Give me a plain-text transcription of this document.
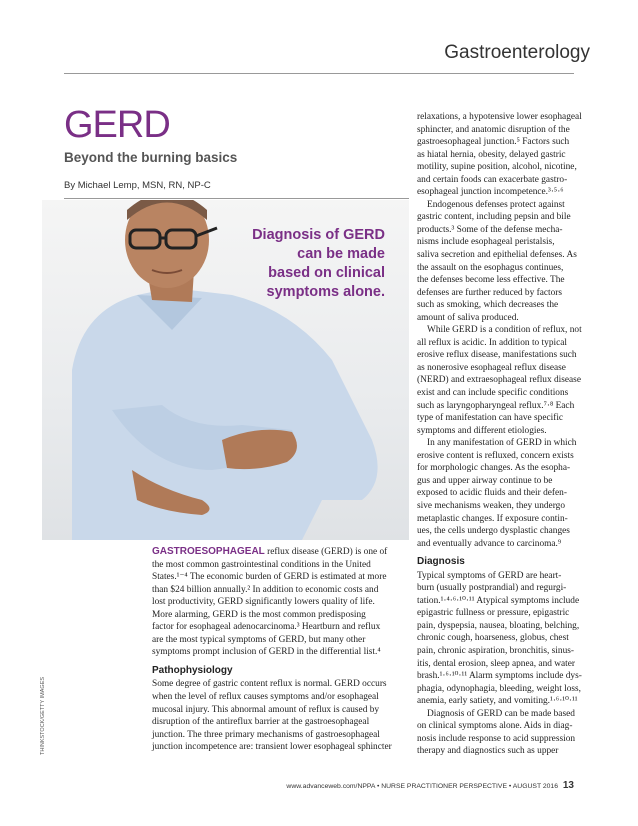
Gastroenterology
GERD
Beyond the burning basics
By Michael Lemp, MSN, RN, NP-C
Diagnosis of GERD
can be made
based on clinical
symptoms alone.
THINKSTOCK/GETTY IMAGES
GASTROESOPHAGEAL reflux disease (GERD) is one of
the most common gastrointestinal conditions in the United
States.¹⁻⁴ The economic burden of GERD is estimated at more
than $24 billion annually.² In addition to economic costs and
lost productivity, GERD significantly lowers quality of life.
More alarming, GERD is the most common predisposing
factor for esophageal adenocarcinoma.³ Heartburn and reflux
are the most typical symptoms of GERD, but many other
symptoms prompt inclusion of GERD in the differential list.⁴
Pathophysiology
Some degree of gastric content reflux is normal. GERD occurs
when the level of reflux causes symptoms and/or esophageal
mucosal injury. This abnormal amount of reflux is caused by
disruption of the antireflux barrier at the gastroesophageal
junction. The three primary mechanisms of gastroesophageal
junction incompetence are: transient lower esophageal sphincter
relaxations, a hypotensive lower esophageal
sphincter, and anatomic disruption of the
gastroesophageal junction.⁵ Factors such
as hiatal hernia, obesity, delayed gastric
motility, supine position, alcohol, nicotine,
and certain foods can exacerbate gastro-
esophageal junction incompetence.³·⁵·⁶
Endogenous defenses protect against
gastric content, including pepsin and bile
products.³ Some of the defense mecha-
nisms include esophageal peristalsis,
saliva secretion and epithelial defenses. As
the assault on the esophagus continues,
the defenses become less effective. The
defenses are further reduced by factors
such as smoking, which decreases the
amount of saliva produced.
While GERD is a condition of reflux, not
all reflux is acidic. In addition to typical
erosive reflux disease, manifestations such
as nonerosive esophageal reflux disease
(NERD) and extraesophageal reflux disease
exist and can include specific conditions
such as laryngopharyngeal reflux.⁷·⁸ Each
type of manifestation can have specific
symptoms and different etiologies.
In any manifestation of GERD in which
erosive content is refluxed, concern exists
for morphologic changes. As the esopha-
gus and upper airway continue to be
exposed to acidic fluids and their defen-
sive mechanisms weaken, they undergo
metaplastic changes. If exposure contin-
ues, the cells undergo dysplastic changes
and eventually advance to carcinoma.⁹
Diagnosis
Typical symptoms of GERD are heart-
burn (usually postprandial) and regurgi-
tation.¹·⁴·⁶·¹⁰·¹¹ Atypical symptoms include
epigastric fullness or pressure, epigastric
pain, dyspepsia, nausea, bloating, belching,
chronic cough, hoarseness, globus, chest
pain, chronic aspiration, bronchitis, sinus-
itis, dental erosion, sleep apnea, and water
brash.¹·⁶·¹⁰·¹¹ Alarm symptoms include dys-
phagia, odynophagia, bleeding, weight loss,
anemia, early satiety, and vomiting.¹·⁶·¹⁰·¹¹
Diagnosis of GERD can be made based
on clinical symptoms alone. Aids in diag-
nosis include response to acid suppression
therapy and diagnostics such as upper
www.advanceweb.com/NPPA • NURSE PRACTITIONER PERSPECTIVE • AUGUST 2016 13
